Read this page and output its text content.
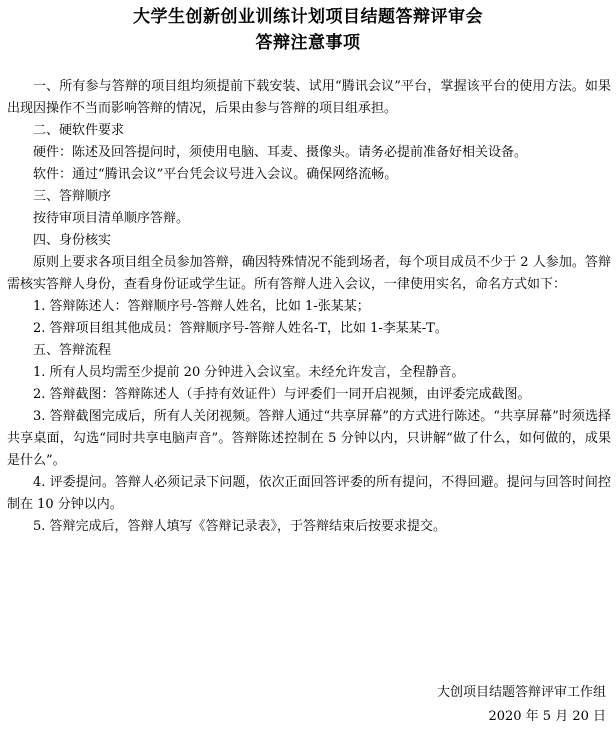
大学生创新创业训练计划项目结题答辩评审会
答辩注意事项

一、所有参与答辩的项目组均须提前下载安装、试用“腾讯会议”平台，掌握该平台的使用方法。如果出现因操作不当而影响答辩的情况，后果由参与答辩的项目组承担。

二、硬软件要求

硬件：陈述及回答提问时，须使用电脑、耳麦、摄像头。请务必提前准备好相关设备。

软件：通过“腾讯会议”平台凭会议号进入会议。确保网络流畅。

三、答辩顺序

按待审项目清单顺序答辩。

四、身份核实

原则上要求各项目组全员参加答辩，确因特殊情况不能到场者，每个项目成员不少于 2 人参加。答辩需核实答辩人身份，查看身份证或学生证。所有答辩人进入会议，一律使用实名，命名方式如下：

1. 答辩陈述人：答辩顺序号-答辩人姓名，比如 1-张某某；

2. 答辩项目组其他成员：答辩顺序号-答辩人姓名-T，比如 1-李某某-T。

五、答辩流程

1. 所有人员均需至少提前 20 分钟进入会议室。未经允许发言，全程静音。

2. 答辩截图：答辩陈述人（手持有效证件）与评委们一同开启视频，由评委完成截图。

3. 答辩截图完成后，所有人关闭视频。答辩人通过“共享屏幕”的方式进行陈述。“共享屏幕”时须选择共享桌面，勾选“同时共享电脑声音”。答辩陈述控制在 5 分钟以内，只讲解“做了什么，如何做的，成果是什么”。

4. 评委提问。答辩人必须记录下问题，依次正面回答评委的所有提问，不得回避。提问与回答时间控制在 10 分钟以内。

5. 答辩完成后，答辩人填写《答辩记录表》，于答辩结束后按要求提交。

大创项目结题答辩评审工作组
2020 年 5 月 20 日
